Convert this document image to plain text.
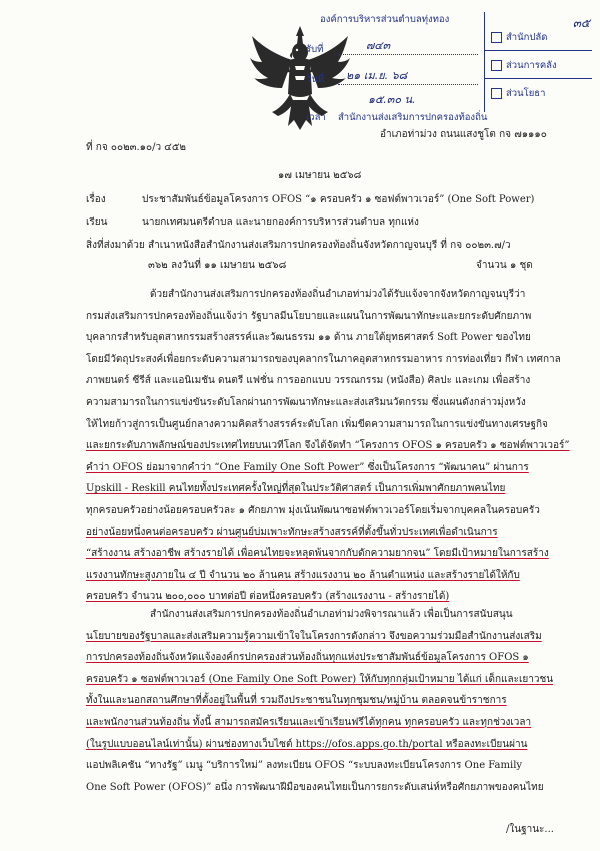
องค์การบริหารส่วนตำบลทุ่งทอง
รับที่	๗๔๓
วันที่ ๒๑ เม.ย. ๖๘
๑๕.๓๐ น.
เวลา สำนักงานส่งเสริมการปกครองท้องถิ่น
๓๕
สำนักปลัด
ส่วนการคลัง
ส่วนโยธา
ที่ กจ ๐๐๒๓.๑๐/ว ๔๕๒
อำเภอท่าม่วง ถนนแสงชูโต กจ ๗๑๑๑๐
๑๗ เมษายน ๒๕๖๘
เรื่อง	ประชาสัมพันธ์ข้อมูลโครงการ OFOS “๑ ครอบครัว ๑ ซอฟต์พาวเวอร์” (One Soft Power)
เรียน	นายกเทศมนตรีตำบล และนายกองค์การบริหารส่วนตำบล ทุกแห่ง
สิ่งที่ส่งมาด้วย สำเนาหนังสือสำนักงานส่งเสริมการปกครองท้องถิ่นจังหวัดกาญจนบุรี ที่ กจ ๐๐๒๓.๗/ว
๓๖๒ ลงวันที่ ๑๑ เมษายน ๒๕๖๘	จำนวน ๑ ชุด
ด้วยสำนักงานส่งเสริมการปกครองท้องถิ่นอำเภอท่าม่วงได้รับแจ้งจากจังหวัดกาญจนบุรีว่า
กรมส่งเสริมการปกครองท้องถิ่นแจ้งว่า รัฐบาลมีนโยบายและแผนในการพัฒนาทักษะและยกระดับศักยภาพ
บุคลากรสำหรับอุตสาหกรรมสร้างสรรค์และวัฒนธรรม ๑๑ ด้าน ภายใต้ยุทธศาสตร์ Soft Power ของไทย
โดยมีวัตถุประสงค์เพื่อยกระดับความสามารถของบุคลากรในภาคอุตสาหกรรมอาหาร การท่องเที่ยว กีฬา เทศกาล
ภาพยนตร์ ซีรีส์ และแอนิเมชัน ดนตรี แฟชั่น การออกแบบ วรรณกรรม (หนังสือ) ศิลปะ และเกม เพื่อสร้าง
ความสามารถในการแข่งขันระดับโลกผ่านการพัฒนาทักษะและส่งเสริมนวัตกรรม ซึ่งแผนดังกล่าวมุ่งหวัง
ให้ไทยก้าวสู่การเป็นศูนย์กลางความคิดสร้างสรรค์ระดับโลก เพิ่มขีดความสามารถในการแข่งขันทางเศรษฐกิจ
และยกระดับภาพลักษณ์ของประเทศไทยบนเวทีโลก จึงได้จัดทำ “โครงการ OFOS ๑ ครอบครัว ๑ ซอฟต์พาวเวอร์”
คำว่า OFOS ย่อมาจากคำว่า “One Family One Soft Power” ซึ่งเป็นโครงการ “พัฒนาคน” ผ่านการ
Upskill - Reskill คนไทยทั้งประเทศครั้งใหญ่ที่สุดในประวัติศาสตร์ เป็นการเพิ่มพาศักยภาพคนไทย
ทุกครอบครัวอย่างน้อยครอบครัวละ ๑ ศักยภาพ มุ่งเน้นพัฒนาซอฟต์พาวเวอร์โดยเริ่มจากบุคคลในครอบครัว
อย่างน้อยหนึ่งคนต่อครอบครัว ผ่านศูนย์บ่มเพาะทักษะสร้างสรรค์ที่ตั้งขึ้นทั่วประเทศเพื่อดำเนินการ
“สร้างงาน สร้างอาชีพ สร้างรายได้ เพื่อคนไทยจะหลุดพ้นจากกับดักความยากจน” โดยมีเป้าหมายในการสร้าง
แรงงานทักษะสูงภายใน ๔ ปี จำนวน ๒๐ ล้านคน สร้างแรงงาน ๒๐ ล้านตำแหน่ง และสร้างรายได้ให้กับ
ครอบครัว จำนวน ๒๐๐,๐๐๐ บาทต่อปี ต่อหนึ่งครอบครัว (สร้างแรงงาน - สร้างรายได้)
สำนักงานส่งเสริมการปกครองท้องถิ่นอำเภอท่าม่วงพิจารณาแล้ว เพื่อเป็นการสนับสนุน
นโยบายของรัฐบาลและส่งเสริมความรู้ความเข้าใจในโครงการดังกล่าว จึงขอความร่วมมือสำนักงานส่งเสริม
การปกครองท้องถิ่นจังหวัดแจ้งองค์กรปกครองส่วนท้องถิ่นทุกแห่งประชาสัมพันธ์ข้อมูลโครงการ OFOS ๑
ครอบครัว ๑ ซอฟต์พาวเวอร์ (One Family One Soft Power) ให้กับทุกกลุ่มเป้าหมาย ได้แก่ เด็กและเยาวชน
ทั้งในและนอกสถานศึกษาที่ตั้งอยู่ในพื้นที่ รวมถึงประชาชนในทุกชุมชน/หมู่บ้าน ตลอดจนข้าราชการ
และพนักงานส่วนท้องถิ่น ทั้งนี้ สามารถสมัครเรียนและเข้าเรียนฟรีได้ทุกคน ทุกครอบครัว และทุกช่วงเวลา
(ในรูปแบบออนไลน์เท่านั้น) ผ่านช่องทางเว็บไซต์ https://ofos.apps.go.th/portal หรือลงทะเบียนผ่าน
แอปพลิเคชัน “ทางรัฐ” เมนู “บริการใหม่” ลงทะเบียน OFOS “ระบบลงทะเบียนโครงการ One Family
One Soft Power (OFOS)” อนึ่ง การพัฒนาฝีมือของคนไทยเป็นการยกระดับเสน่ห์หรือศักยภาพของคนไทย
/ในฐานะ...
